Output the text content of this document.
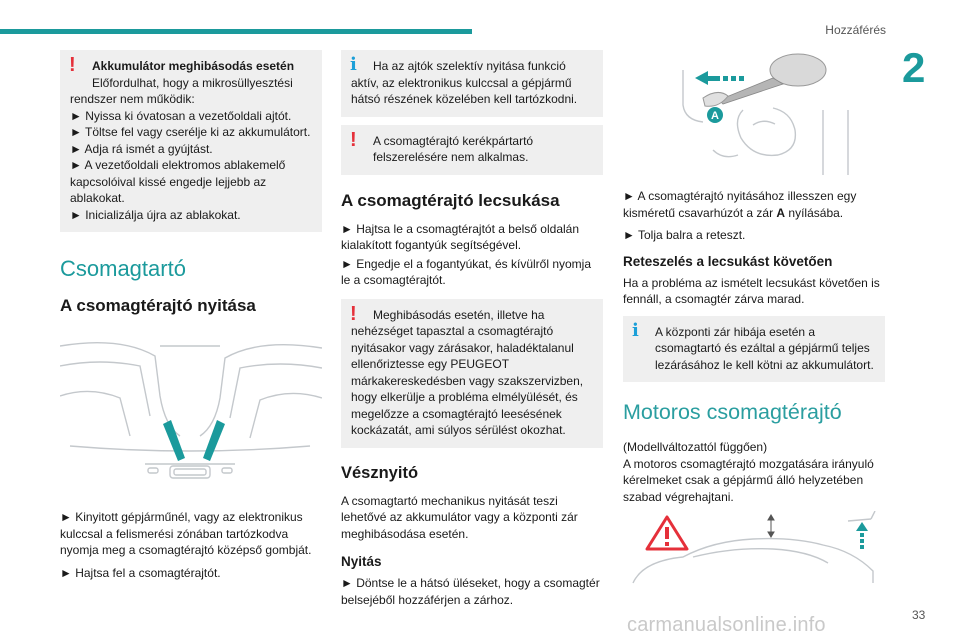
Hozzáférés
2
33
carmanualsonline.info
!	Akkumulátor meghibásodás esetén
Előfordulhat, hogy a mikrosüllyesztési
rendszer nem működik:
► Nyissa ki óvatosan a vezetőoldali ajtót.
► Töltse fel vagy cserélje ki az akkumulátort.
► Adja rá ismét a gyújtást.
► A vezetőoldali elektromos ablakemelő kapcsolóival kissé engedje lejjebb az ablakokat.
► Inicializálja újra az ablakokat.
Csomagtartó
A csomagtérajtó nyitása
► Kinyitott gépjárműnél, vagy az elektronikus kulccsal a felismerési zónában tartózkodva nyomja meg a csomagtérajtó középső gombját.
► Hajtsa fel a csomagtérajtót.
i	Ha az ajtók szelektív nyitása funkció
aktív, az elektronikus kulccsal a gépjármű hátsó részének közelében kell tartózkodni.
!	A csomagtérajtó kerékpártartó
felszerelésére nem alkalmas.
A csomagtérajtó lecsukása
► Hajtsa le a csomagtérajtót a belső oldalán kialakított fogantyúk segítségével.
► Engedje el a fogantyúkat, és kívülről nyomja le a csomagtérajtót.
!	Meghibásodás esetén, illetve ha
nehézséget tapasztal a csomagtérajtó nyitásakor vagy zárásakor, haladéktalanul ellenőriztesse egy PEUGEOT márkakereskedésben vagy szakszervizben, hogy elkerülje a probléma elmélyülését, és megelőzze a csomagtérajtó leesésének kockázatát, ami súlyos sérülést okozhat.
Vésznyitó
A csomagtartó mechanikus nyitását teszi lehetővé az akkumulátor vagy a központi zár meghibásodása esetén.
Nyitás
► Döntse le a hátsó üléseket, hogy a csomagtér belsejéből hozzáférjen a zárhoz.
A
► A csomagtérajtó nyitásához illesszen egy kisméretű csavarhúzót a zár A nyílásába.
► Tolja balra a reteszt.
Reteszelés a lecsukást követően
Ha a probléma az ismételt lecsukást követően is fennáll, a csomagtér zárva marad.
i	A központi zár hibája esetén a
csomagtartó és ezáltal a gépjármű teljes lezárásához le kell kötni az akkumulátort.
Motoros csomagtérajtó
(Modellváltozattól függően)
A motoros csomagtérajtó mozgatására irányuló kérelmeket csak a gépjármű álló helyzetében szabad végrehajtani.
